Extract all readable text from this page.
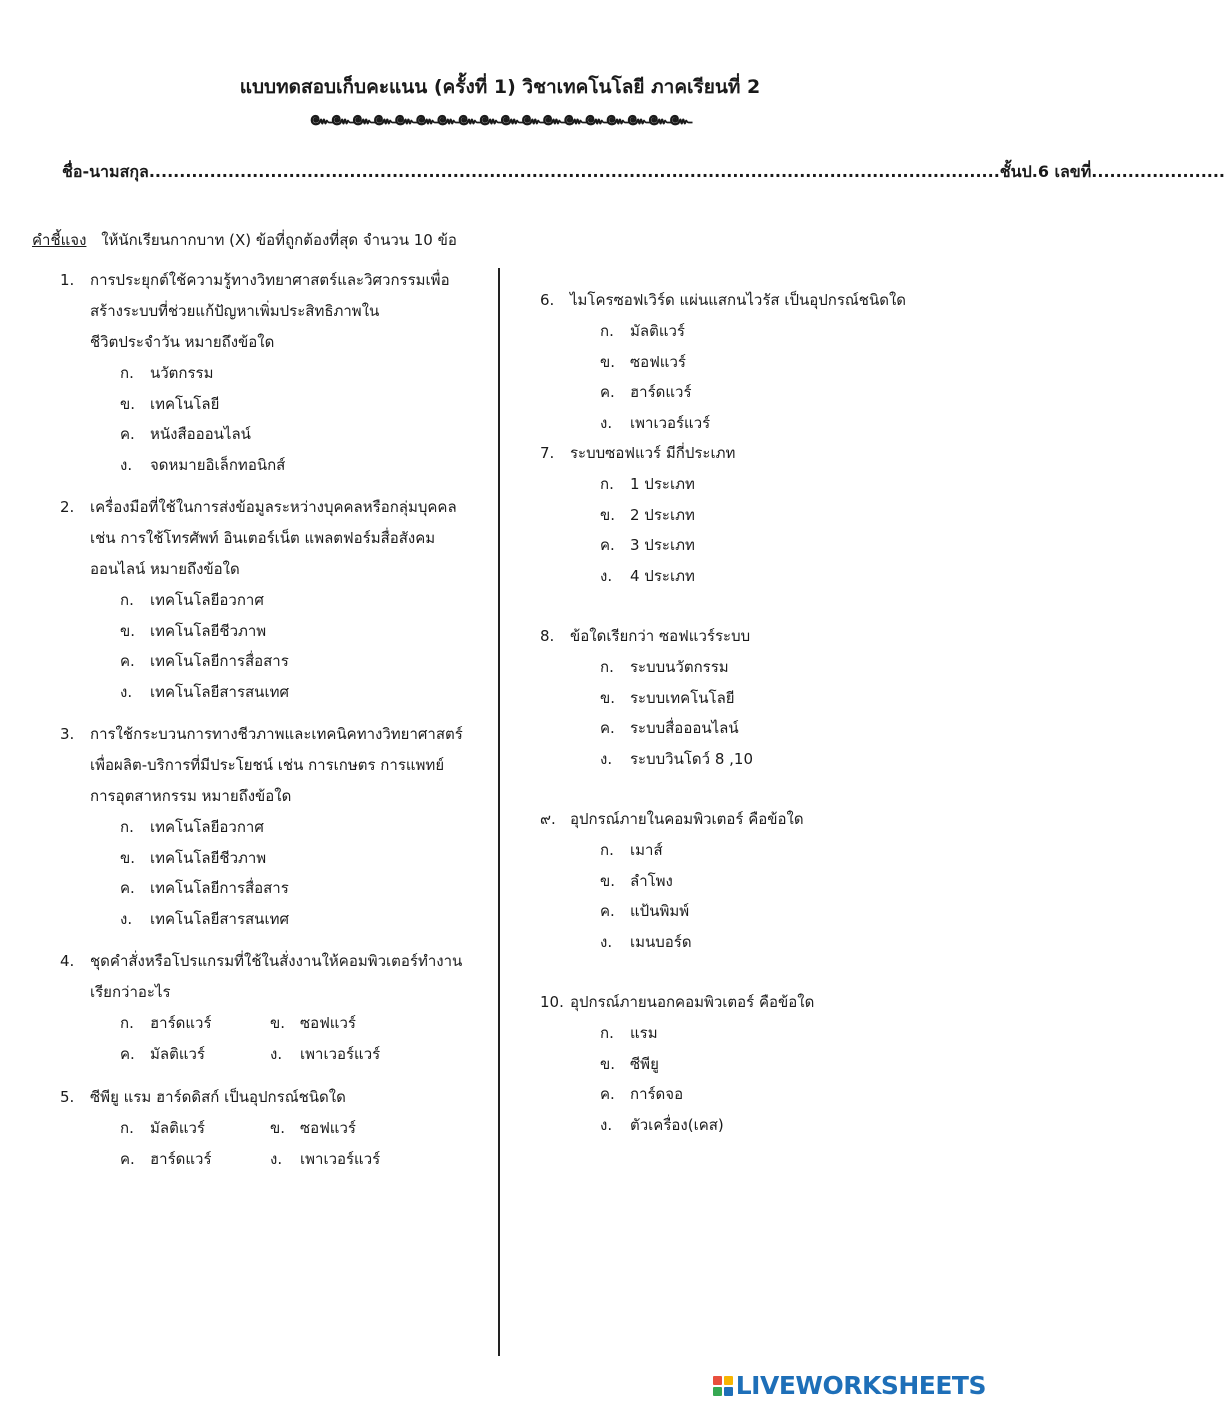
แบบทดสอบเก็บคะแนน (ครั้งที่ 1) วิชาเทคโนโลยี ภาคเรียนที่ 2
๛๛๛๛๛๛๛๛๛๛๛๛๛๛๛๛๛๛
ชื่อ-นามสกุล............................................................................................................................................ชั้นป.6 เลขที่......................
คำชี้แจง ให้นักเรียนกากบาท (X) ข้อที่ถูกต้องที่สุด จำนวน 10 ข้อ
1.	การประยุกต์ใช้ความรู้ทางวิทยาศาสตร์และวิศวกรรมเพื่อ
สร้างระบบที่ช่วยแก้ปัญหาเพิ่มประสิทธิภาพใน
ชีวิตประจำวัน หมายถึงข้อใด
ก. นวัตกรรม
ข. เทคโนโลยี
ค. หนังสือออนไลน์
ง. จดหมายอิเล็กทอนิกส์
2.	เครื่องมือที่ใช้ในการส่งข้อมูลระหว่างบุคคลหรือกลุ่มบุคคล
เช่น การใช้โทรศัพท์ อินเตอร์เน็ต แพลตฟอร์มสื่อสังคม
ออนไลน์ หมายถึงข้อใด
ก. เทคโนโลยีอวกาศ
ข. เทคโนโลยีชีวภาพ
ค. เทคโนโลยีการสื่อสาร
ง. เทคโนโลยีสารสนเทศ
3.	การใช้กระบวนการทางชีวภาพและเทคนิคทางวิทยาศาสตร์
เพื่อผลิต-บริการที่มีประโยชน์ เช่น การเกษตร การแพทย์
การอุตสาหกรรม หมายถึงข้อใด
ก. เทคโนโลยีอวกาศ
ข. เทคโนโลยีชีวภาพ
ค. เทคโนโลยีการสื่อสาร
ง. เทคโนโลยีสารสนเทศ
4.	ชุดคำสั่งหรือโปรแกรมที่ใช้ในสั่งงานให้คอมพิวเตอร์ทำงาน
เรียกว่าอะไร
ก. ฮาร์ดแวร์	ข. ซอฟแวร์
ค. มัลติแวร์	ง. เพาเวอร์แวร์
5.	ซีพียู แรม ฮาร์ดดิสก์ เป็นอุปกรณ์ชนิดใด
ก. มัลติแวร์	ข. ซอฟแวร์
ค. ฮาร์ดแวร์	ง. เพาเวอร์แวร์
6.	ไมโครซอฟเวิร์ด แผ่นแสกนไวรัส เป็นอุปกรณ์ชนิดใด
ก. มัลติแวร์
ข. ซอฟแวร์
ค. ฮาร์ดแวร์
ง. เพาเวอร์แวร์
7.	ระบบซอฟแวร์ มีกี่ประเภท
ก. 1 ประเภท
ข. 2 ประเภท
ค. 3 ประเภท
ง. 4 ประเภท
8.	ข้อใดเรียกว่า ซอฟแวร์ระบบ
ก. ระบบนวัตกรรม
ข. ระบบเทคโนโลยี
ค. ระบบสื่อออนไลน์
ง. ระบบวินโดว์ 8 ,10
๙. อุปกรณ์ภายในคอมพิวเตอร์ คือข้อใด
ก. เมาส์
ข. ลำโพง
ค. แป้นพิมพ์
ง. เมนบอร์ด
10. อุปกรณ์ภายนอกคอมพิวเตอร์ คือข้อใด
ก. แรม
ข. ซีพียู
ค. การ์ดจอ
ง. ตัวเครื่อง(เคส)
LIVEWORKSHEETS
